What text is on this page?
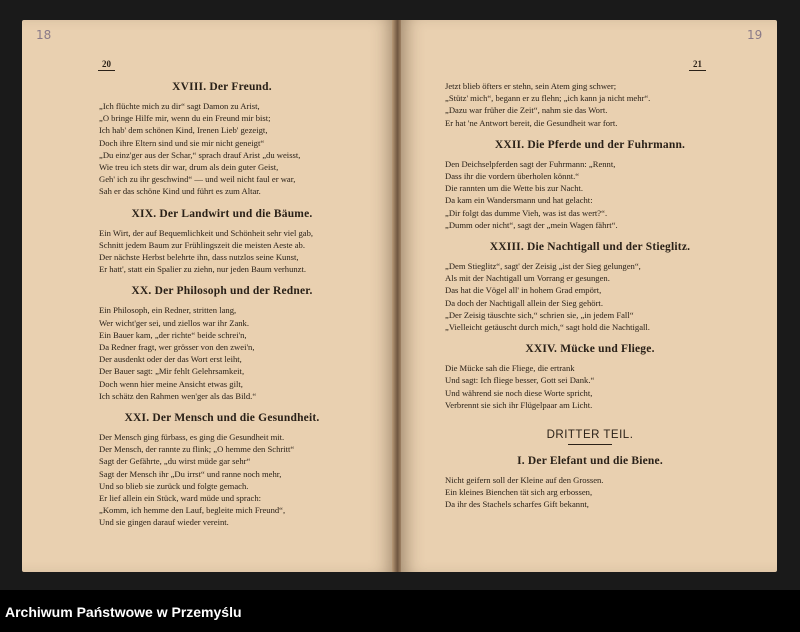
18
20
XVIII. Der Freund.
„Ich flüchte mich zu dir“ sagt Damon zu Arist,
„O bringe Hilfe mir, wenn du ein Freund mir bist;
Ich hab' dem schönen Kind, Irenen Lieb' gezeigt,
Doch ihre Eltern sind und sie mir nicht geneigt“
„Du einz'ger aus der Schar,“ sprach drauf Arist „du weisst,
Wie treu ich stets dir war, drum als dein guter Geist,
Geh' ich zu ihr geschwind“ — und weil nicht faul er war,
Sah er das schöne Kind und führt es zum Altar.
XIX. Der Landwirt und die Bäume.
Ein Wirt, der auf Bequemlichkeit und Schönheit sehr viel gab,
Schnitt jedem Baum zur Frühlingszeit die meisten Aeste ab.
Der nächste Herbst belehrte ihn, dass nutzlos seine Kunst,
Er hatt', statt ein Spalier zu ziehn, nur jeden Baum verhunzt.
XX. Der Philosoph und der Redner.
Ein Philosoph, ein Redner, stritten lang,
Wer wicht'ger sei, und ziellos war ihr Zank.
Ein Bauer kam, „der richte“ beide schrei'n,
Da Redner fragt, wer grösser von den zwei'n,
Der ausdenkt oder der das Wort erst leiht,
Der Bauer sagt: „Mir fehlt Gelehrsamkeit,
Doch wenn hier meine Ansicht etwas gilt,
Ich schätz den Rahmen wen'ger als das Bild.“
XXI. Der Mensch und die Gesundheit.
Der Mensch ging fürbass, es ging die Gesundheit mit.
Der Mensch, der rannte zu flink; „O hemme den Schritt“
Sagt der Gefährte, „du wirst müde gar sehr“
Sagt der Mensch ihr „Du irrst“ und ranne noch mehr,
Und so blieb sie zurück und folgte gemach.
Er lief allein ein Stück, ward müde und sprach:
„Komm, ich hemme den Lauf, begleite mich Freund“,
Und sie gingen darauf wieder vereint.
19
21
Jetzt blieb öfters er stehn, sein Atem ging schwer;
„Stütz' mich“, begann er zu flehn; „ich kann ja nicht mehr“.
„Dazu war früher die Zeit“, nahm sie das Wort.
Er hat 'ne Antwort bereit, die Gesundheit war fort.
XXII. Die Pferde und der Fuhrmann.
Den Deichselpferden sagt der Fuhrmann: „Rennt,
Dass ihr die vordern überholen könnt.“
Die rannten um die Wette bis zur Nacht.
Da kam ein Wandersmann und hat gelacht:
„Dir folgt das dumme Vieh, was ist das wert?“.
„Dumm oder nicht“, sagt der „mein Wagen fährt“.
XXIII. Die Nachtigall und der Stieglitz.
„Dem Stieglitz“, sagt' der Zeisig „ist der Sieg gelungen“,
Als mit der Nachtigall um Vorrang er gesungen.
Das hat die Vögel all' in hohem Grad empört,
Da doch der Nachtigall allein der Sieg gehört.
„Der Zeisig täuschte sich,“ schrien sie, „in jedem Fall“
„Vielleicht getäuscht durch mich,“ sagt hold die Nachtigall.
XXIV. Mücke und Fliege.
Die Mücke sah die Fliege, die ertrank
Und sagt: Ich fliege besser, Gott sei Dank.“
Und während sie noch diese Worte spricht,
Verbrennt sie sich ihr Flügelpaar am Licht.
DRITTER TEIL.
I. Der Elefant und die Biene.
Nicht geifern soll der Kleine auf den Grossen.
Ein kleines Bienchen tät sich arg erbossen,
Da ihr des Stachels scharfes Gift bekannt,
Archiwum Państwowe w Przemyślu
